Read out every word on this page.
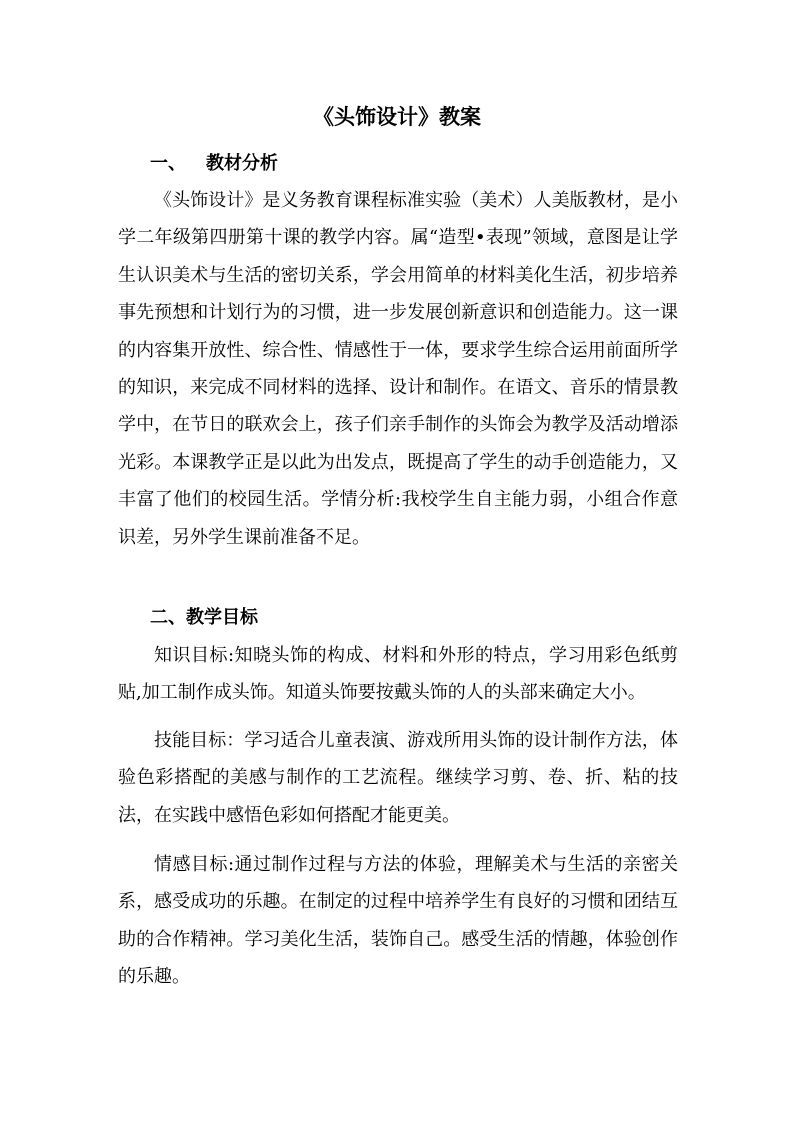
《头饰设计》教案
一、 教材分析

《头饰设计》是义务教育课程标准实验（美术）人美版教材，是小学二年级第四册第十课的教学内容。属“造型•表现”领域，意图是让学生认识美术与生活的密切关系，学会用简单的材料美化生活，初步培养事先预想和计划行为的习惯，进一步发展创新意识和创造能力。这一课的内容集开放性、综合性、情感性于一体，要求学生综合运用前面所学的知识，来完成不同材料的选择、设计和制作。在语文、音乐的情景教学中，在节日的联欢会上，孩子们亲手制作的头饰会为教学及活动增添光彩。本课教学正是以此为出发点，既提高了学生的动手创造能力，又丰富了他们的校园生活。学情分析:我校学生自主能力弱，小组合作意识差，另外学生课前准备不足。

二、教学目标

知识目标:知晓头饰的构成、材料和外形的特点，学习用彩色纸剪贴,加工制作成头饰。知道头饰要按戴头饰的人的头部来确定大小。

技能目标：学习适合儿童表演、游戏所用头饰的设计制作方法，体验色彩搭配的美感与制作的工艺流程。继续学习剪、卷、折、粘的技法，在实践中感悟色彩如何搭配才能更美。

情感目标:通过制作过程与方法的体验，理解美术与生活的亲密关系，感受成功的乐趣。在制定的过程中培养学生有良好的习惯和团结互助的合作精神。学习美化生活，装饰自己。感受生活的情趣，体验创作的乐趣。
